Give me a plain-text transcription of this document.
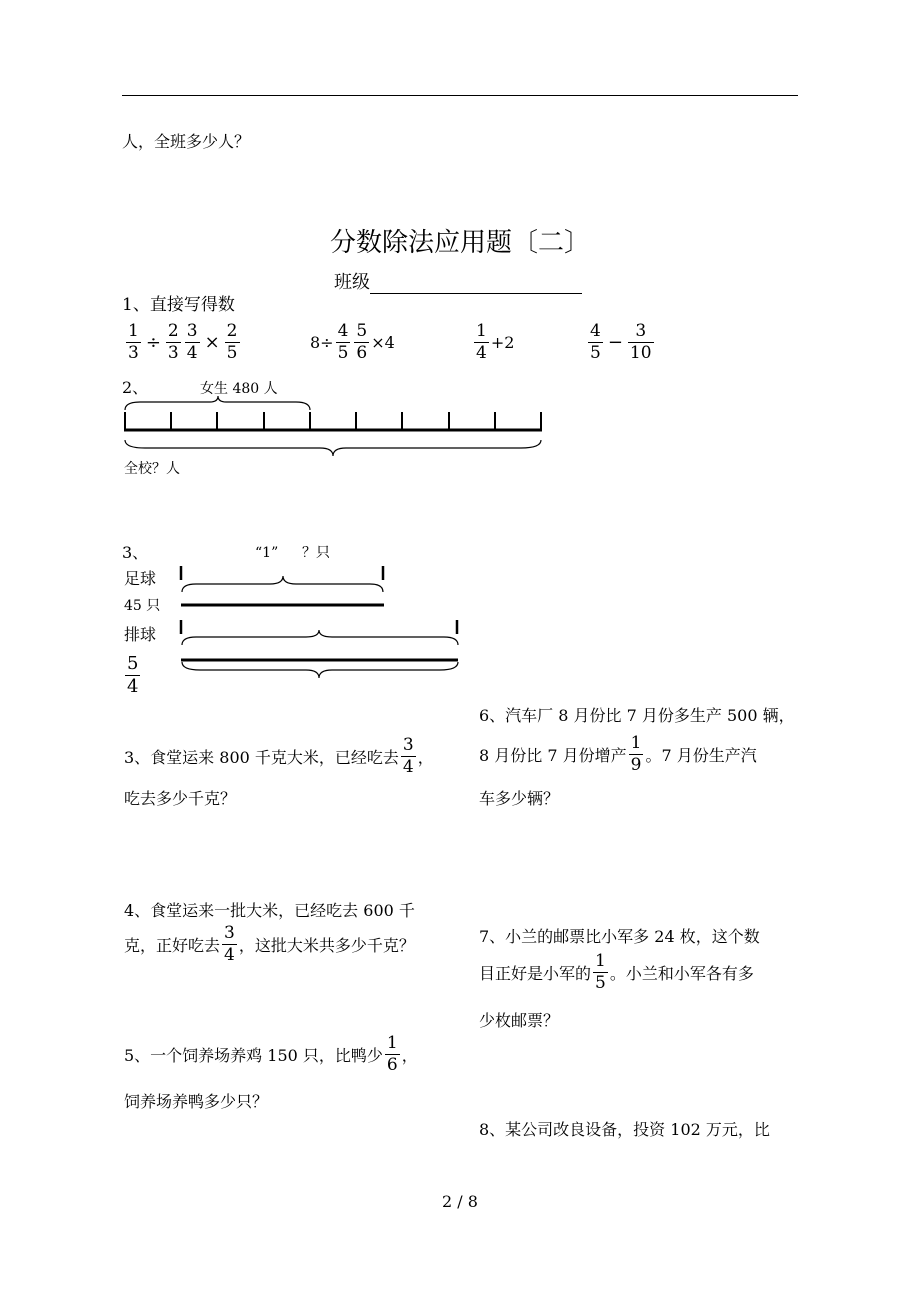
人，全班多少人？
分数除法应用题〔二〕
班级
1、直接写得数
$\frac{1}{3} \div \frac{2}{3} \frac{3}{4} \times \frac{2}{5}$	$8\div \frac{4}{5} \frac{5}{6} \times 4$	$\frac{1}{4} +2$	$\frac{4}{5} - \frac{3}{10}$
2、	女生 480 人
全校？人
3、	“1” ？只
足球
45 只
排球
$\frac{5}{4}$
3、食堂运来 800 千克大米，已经吃去 $\frac{3}{4}$ ，
吃去多少千克？
4、食堂运来一批大米，已经吃去 600 千
克，正好吃去 $\frac{3}{4}$ ，这批大米共多少千克？
5、一个饲养场养鸡 150 只，比鸭少 $\frac{1}{6}$ ，
饲养场养鸭多少只？
6、汽车厂 8 月份比 7 月份多生产 500 辆，
8 月份比 7 月份增产 $\frac{1}{9}$ 。7 月份生产汽
车多少辆？
7、小兰的邮票比小军多 24 枚，这个数
目正好是小军的 $\frac{1}{5}$ 。小兰和小军各有多
少枚邮票？
8、某公司改良设备，投资 102 万元，比
2 / 8
